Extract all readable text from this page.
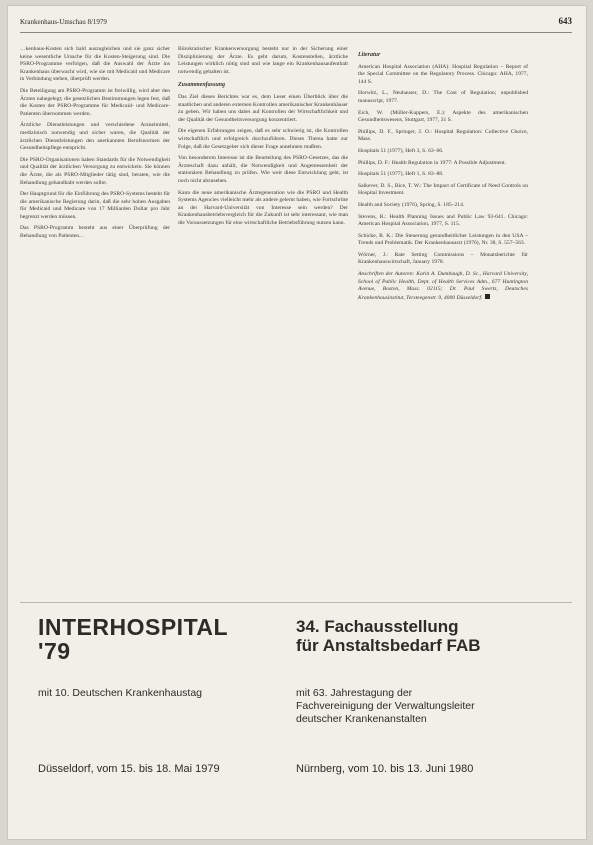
Krankenhaus-Umschau 8/1979	643

…kenhaus-Kosten sich bald auszugleichen und sie ganz sicher keine wesentliche Ursache für die Kosten-Steigerung sind. Die PSRO-Programme verfolgen, daß die Auswahl der Ärzte ins Krankenhaus überwacht wird, wie sie mit Medicaid und Medicare in Verbindung stehen, überprüft werden.

Die Beteiligung am PSRO-Programm ist freiwillig, wird aber den Ärzten nahegelegt; die gesetzlichen Bestimmungen legen fest, daß die Kosten der PSRO-Programme für Medicaid- und Medicare-Patienten übernommen werden.

Ärztliche Dienstleistungen und verschiedene Arzneimittel, medizinisch notwendig und sicher waren, die Qualität der ärztlichen Dienstleistungen den anerkannten Berufsnormen der Gesundheitspflege entspricht.

Die PSRO-Organisationen haben Standards für die Notwendigkeit und Qualität der ärztlichen Versorgung zu entwickeln. Sie können die Ärzte, die als PSRO-Mitglieder tätig sind, beraten, wie die Behandlung gehandhabt werden sollte.

Der Hauptgrund für die Einführung des PSRO-Systems besteht für die amerikanische Regierung darin, daß die sehr hohen Ausgaben für Medicaid und Medicare von 17 Milliarden Dollar pro Jahr begrenzt werden müssen.

Das PSRO-Programm besteht aus einer Überprüfung der Behandlung von Patienten…

Bürokratischer Krankenversorgung besteht nur in der Sicherung einer Disziplinierung der Ärzte. Es geht darum, Kostenstellen, ärztliche Leistungen wirklich nötig sind und wie lange ein Krankenhausaufenthalt notwendig gehalten ist.

Zusammenfassung

Das Ziel dieses Berichtes war es, dem Leser einen Überblick über die staatlichen und anderen externen Kontrollen amerikanischer Krankenhäuser zu geben. Wir haben uns dabei auf Kontrollen der Wirtschaftlichkeit und der Qualität der Gesundheitsversorgung konzentriert.

Die eigenen Erfahrungen zeigen, daß es sehr schwierig ist, die Kontrollen wirtschaftlich und erfolgreich durchzuführen. Dieses Thema hatte zur Folge, daß die Gesetzgeber sich dieser Frage annehmen mußten.

Von besonderem Interesse ist die Beurteilung des PSRO-Gesetzes, das die Ärzteschaft dazu anhält, die Notwendigkeit und Angemessenheit der stationären Behandlung zu prüfen. Wie weit diese Entwicklung geht, ist noch nicht abzusehen.

Kann die neue amerikanische Ärztegeneration wie die PSRO und Health Systems Agencies vielleicht mehr als andere gelernt haben, wie Fortschritte an der Harvard-Universität von Interesse sein werden? Der Krankenhausbetriebsvergleich für die Zukunft ist sehr interessant, wie man die Voraussetzungen für eine wirtschaftliche Betriebsführung nutzen kann.

Literatur

American Hospital Association (AHA): Hospital Regulation – Report of the Special Committee on the Regulatory Process. Chicago: AHA, 1977, 144 S.

Horwitz, L., Neuhauser, D.: The Cost of Regulation; unpublished manuscript, 1977.

Eich, W. (Müller-Kuppers, E.): Aspekte des amerikanischen Gesundheitswesens, Stuttgart, 1977, 31 S.

Phillips, D. F., Springer, J. O.: Hospital Regulation: Collective Choice, Mass.

Hospitals 51 (1977), Heft 3, S. 63–66.

Phillips, D. F.: Health Regulation in 1977: A Possible Adjustment.

Hospitals 51 (1977), Heft 1, S. 83–88.

Salkever, D. S., Bice, T. W.: The Impact of Certificate of Need Controls on Hospital Investment.

Health and Society (1976), Spring, S. 185–214.

Stevens, R.: Health Planning Issues and Public Law 93-641. Chicago: American Hospital Association, 1977, S. 115.

Schicke, R. K.: Die Steuerung gesundheitlicher Leistungen in den USA – Trends und Problematik. Der Krankenhausarzt (1976), Nr. 38, S. 557–563.

Wörner, J.: Rate Setting Commissions – Monatsberichte für Krankenhauswirtschaft, January 1978.

Anschriften der Autoren: Karin A. Dumbaugh, D. Sc., Harvard University, School of Public Health, Dept. of Health Services Adm., 677 Huntington Avenue, Boston, Mass. 02115; Dr. Paul Swertz, Deutsches Krankenhausinstitut, Tersteegenstr. 9, 4000 Düsseldorf.

INTERHOSPITAL
'79
34. Fachausstellung
für Anstaltsbedarf FAB
mit 10. Deutschen Krankenhaustag	mit 63. Jahrestagung der
Fachvereinigung der Verwaltungsleiter
deutscher Krankenanstalten
Düsseldorf, vom 15. bis 18. Mai 1979	Nürnberg, vom 10. bis 13. Juni 1980
